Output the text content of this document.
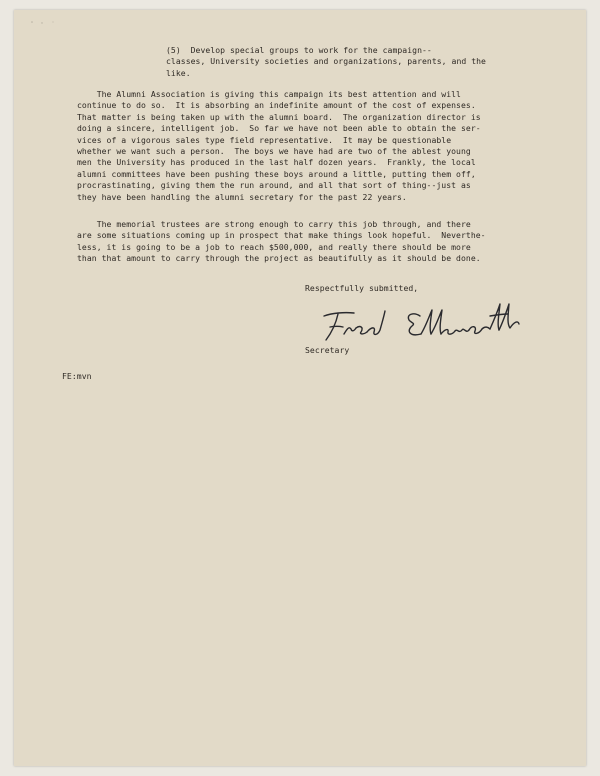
(5)  Develop special groups to work for the campaign--
classes, University societies and organizations, parents, and the
like.
The Alumni Association is giving this campaign its best attention and will
continue to do so.  It is absorbing an indefinite amount of the cost of expenses.
That matter is being taken up with the alumni board.  The organization director is
doing a sincere, intelligent job.  So far we have not been able to obtain the ser-
vices of a vigorous sales type field representative.  It may be questionable
whether we want such a person.  The boys we have had are two of the ablest young
men the University has produced in the last half dozen years.  Frankly, the local
alumni committees have been pushing these boys around a little, putting them off,
procrastinating, giving them the run around, and all that sort of thing--just as
they have been handling the alumni secretary for the past 22 years.
The memorial trustees are strong enough to carry this job through, and there
are some situations coming up in prospect that make things look hopeful.  Neverthe-
less, it is going to be a job to reach $500,000, and really there should be more
than that amount to carry through the project as beautifully as it should be done.
Respectfully submitted,
Secretary
FE:mvn
